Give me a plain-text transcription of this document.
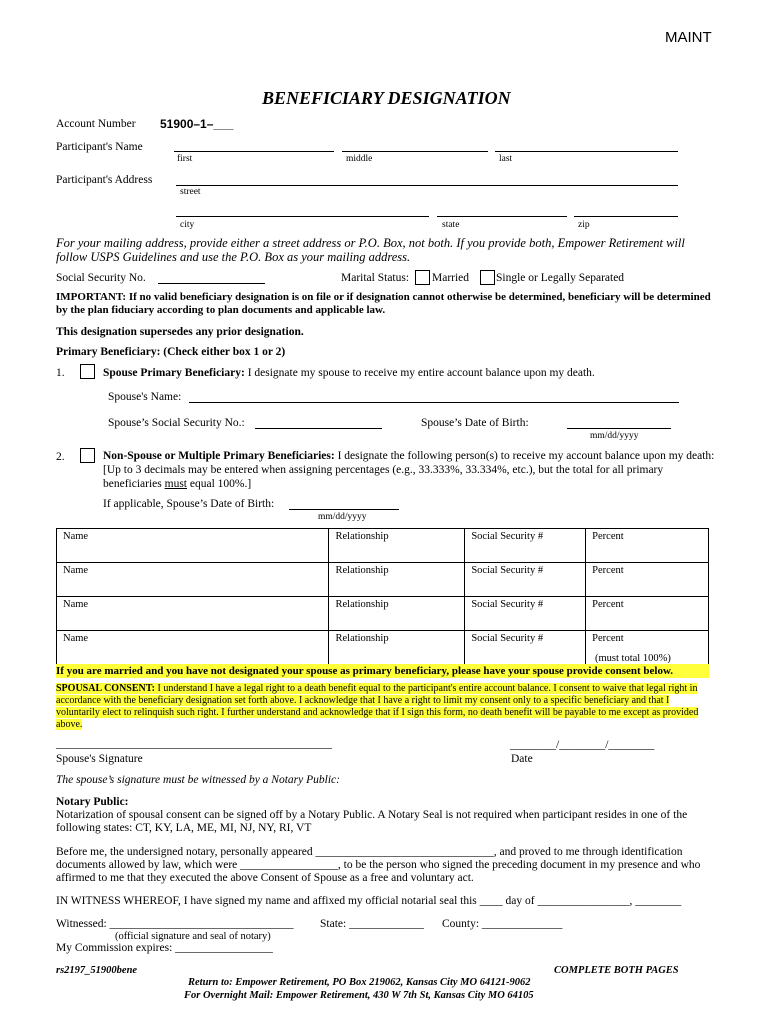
MAINT
BENEFICIARY DESIGNATION
Account Number 51900–1–___
Participant's Name
first	middle	last
Participant's Address
street
city	state	zip
For your mailing address, provide either a street address or P.O. Box, not both. If you provide both, Empower Retirement will follow USPS Guidelines and use the P.O. Box as your mailing address.
Social Security No.	Marital Status: Married Single or Legally Separated
IMPORTANT: If no valid beneficiary designation is on file or if designation cannot otherwise be determined, beneficiary will be determined by the plan fiduciary according to plan documents and applicable law.
This designation supersedes any prior designation.
Primary Beneficiary: (Check either box 1 or 2)
1.	Spouse Primary Beneficiary: I designate my spouse to receive my entire account balance upon my death.
Spouse's Name:
Spouse’s Social Security No.:	Spouse’s Date of Birth:
mm/dd/yyyy
2.	Non-Spouse or Multiple Primary Beneficiaries: I designate the following person(s) to receive my account balance upon my death: [Up to 3 decimals may be entered when assigning percentages (e.g., 33.333%, 33.334%, etc.), but the total for all primary beneficiaries must equal 100%.]
If applicable, Spouse’s Date of Birth:
mm/dd/yyyy
Name	Relationship	Social Security #	Percent
Name	Relationship	Social Security #	Percent
Name	Relationship	Social Security #	Percent
Name	Relationship	Social Security #	Percent
(must total 100%)
If you are married and you have not designated your spouse as primary beneficiary, please have your spouse provide consent below.
SPOUSAL CONSENT: I understand I have a legal right to a death benefit equal to the participant's entire account balance. I consent to waive that legal right in accordance with the beneficiary designation set forth above. I acknowledge that I have a right to limit my consent only to a specific beneficiary and that I voluntarily elect to relinquish such right. I further understand and acknowledge that if I sign this form, no death benefit will be payable to me except as provided above.
________________________________________________
Spouse's Signature
________/________/________
Date
The spouse’s signature must be witnessed by a Notary Public:
Notary Public:
Notarization of spousal consent can be signed off by a Notary Public. A Notary Seal is not required when participant resides in one of the following states: CT, KY, LA, ME, MI, NJ, NY, RI, VT
Before me, the undersigned notary, personally appeared _______________________________, and proved to me through identification documents allowed by law, which were _________________, to be the person who signed the preceding document in my presence and who affirmed to me that they executed the above Consent of Spouse as a free and voluntary act.
IN WITNESS WHEREOF, I have signed my name and affixed my official notarial seal this ____ day of ________________, ________
Witnessed: ________________________________ State: _____________ County: ______________
(official signature and seal of notary)
My Commission expires: _________________
rs2197_51900bene	COMPLETE BOTH PAGES
Return to: Empower Retirement, PO Box 219062, Kansas City MO 64121-9062
For Overnight Mail: Empower Retirement, 430 W 7th St, Kansas City MO 64105
